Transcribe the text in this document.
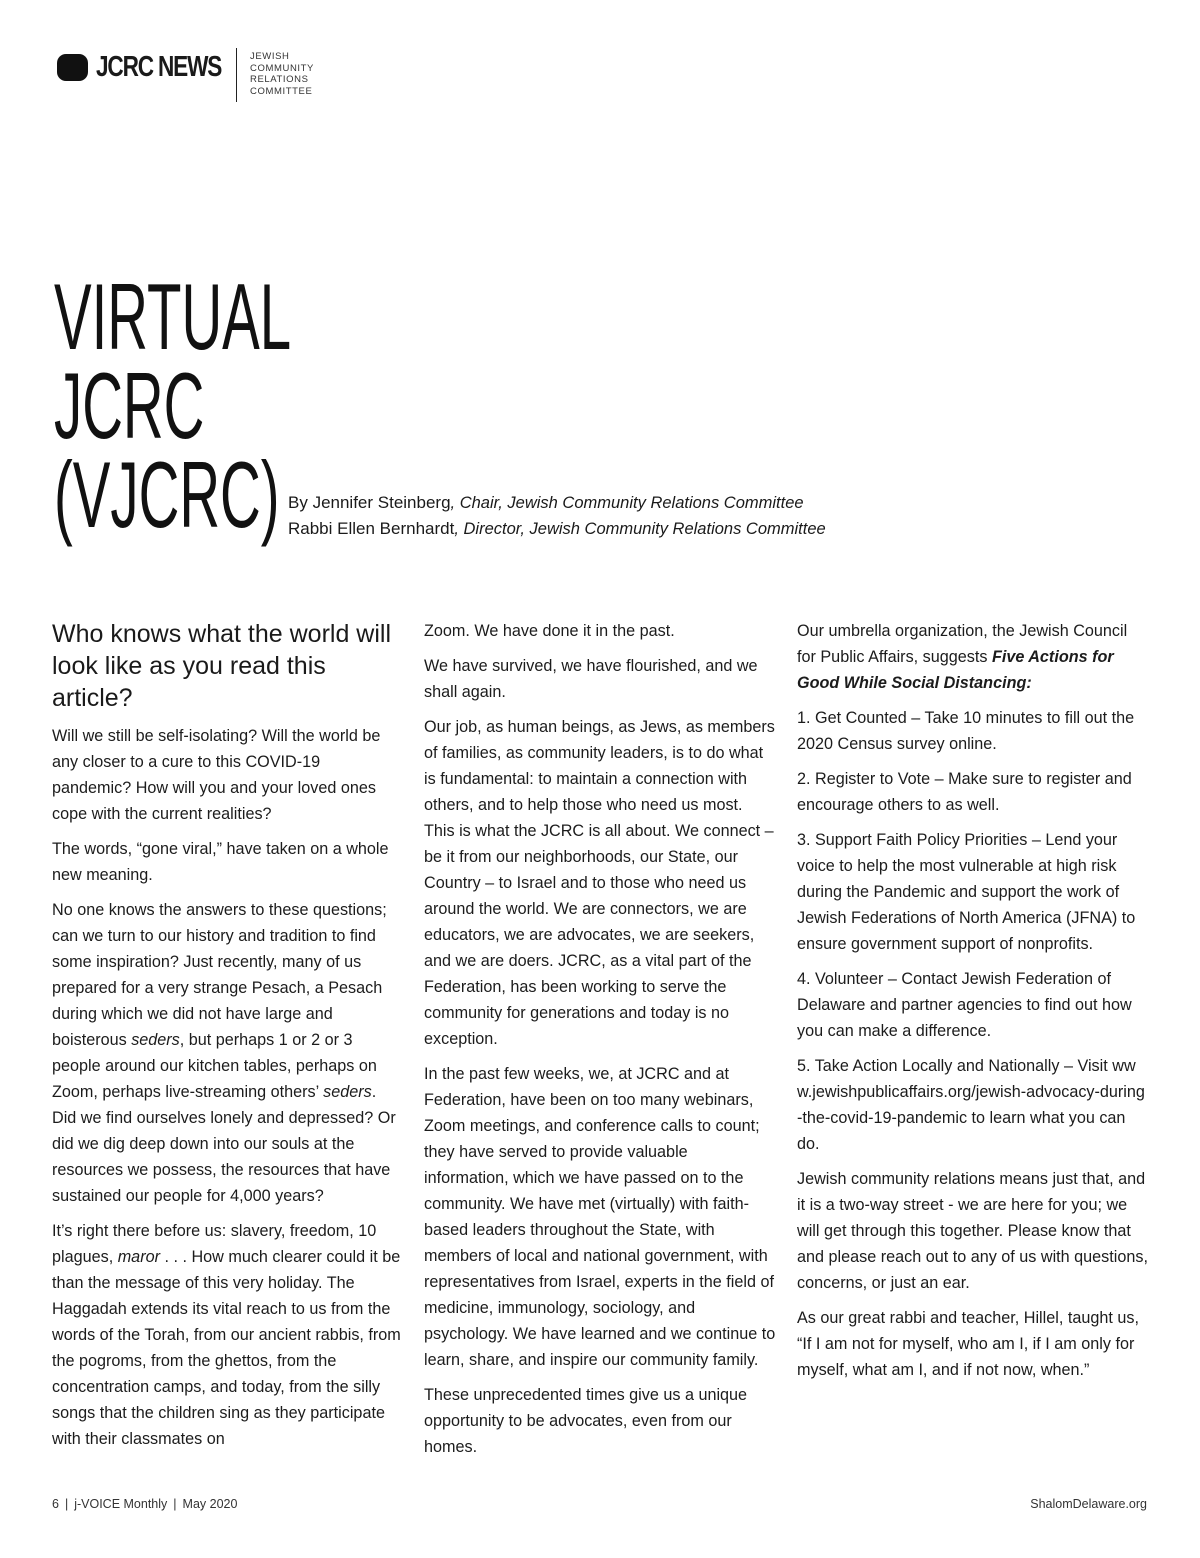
JCRC NEWS	JEWISH
COMMUNITY
RELATIONS
COMMITTEE
VIRTUAL
JCRC
(VJCRC) By Jennifer Steinberg, Chair, Jewish Community Relations Committee
Rabbi Ellen Bernhardt, Director, Jewish Community Relations Committee

Who knows what the world will look like as you read this article?

Will we still be self-isolating? Will the world be any closer to a cure to this COVID-19 pandemic? How will you and your loved ones cope with the current realities?

The words, “gone viral,” have taken on a whole new meaning.

No one knows the answers to these questions; can we turn to our history and tradition to find some inspiration? Just recently, many of us prepared for a very strange Pesach, a Pesach during which we did not have large and boisterous seders, but perhaps 1 or 2 or 3 people around our kitchen tables, perhaps on Zoom, perhaps live-streaming others’ seders. Did we find ourselves lonely and depressed? Or did we dig deep down into our souls at the resources we possess, the resources that have sustained our people for 4,000 years?

It’s right there before us: slavery, freedom, 10 plagues, maror . . . How much clearer could it be than the message of this very holiday. The Haggadah extends its vital reach to us from the words of the Torah, from our ancient rabbis, from the pogroms, from the ghettos, from the concentration camps, and today, from the silly songs that the children sing as they participate with their classmates on

Zoom. We have done it in the past.

We have survived, we have flourished, and we shall again.

Our job, as human beings, as Jews, as members of families, as community leaders, is to do what is fundamental: to maintain a connection with others, and to help those who need us most. This is what the JCRC is all about. We connect – be it from our neighborhoods, our State, our Country – to Israel and to those who need us around the world. We are connectors, we are educators, we are advocates, we are seekers, and we are doers. JCRC, as a vital part of the Federation, has been working to serve the community for generations and today is no exception.

In the past few weeks, we, at JCRC and at Federation, have been on too many webinars, Zoom meetings, and conference calls to count; they have served to provide valuable information, which we have passed on to the community. We have met (virtually) with faith-based leaders throughout the State, with members of local and national government, with representatives from Israel, experts in the field of medicine, immunology, sociology, and psychology. We have learned and we continue to learn, share, and inspire our community family.

These unprecedented times give us a unique opportunity to be advocates, even from our homes.

Our umbrella organization, the Jewish Council for Public Affairs, suggests Five Actions for Good While Social Distancing:

1. Get Counted – Take 10 minutes to fill out the 2020 Census survey online.

2. Register to Vote – Make sure to register and encourage others to as well.

3. Support Faith Policy Priorities – Lend your voice to help the most vulnerable at high risk during the Pandemic and support the work of Jewish Federations of North America (JFNA) to ensure government support of nonprofits.

4. Volunteer – Contact Jewish Federation of Delaware and partner agencies to find out how you can make a difference.

5. Take Action Locally and Nationally – Visit www.jewishpublicaffairs.org/jewish-advocacy-during-the-covid-19-pandemic to learn what you can do.

Jewish community relations means just that, and it is a two-way street - we are here for you; we will get through this together. Please know that and please reach out to any of us with questions, concerns, or just an ear.

As our great rabbi and teacher, Hillel, taught us, “If I am not for myself, who am I, if I am only for myself, what am I, and if not now, when.”

6 | j-VOICE Monthly | May 2020	ShalomDelaware.org
